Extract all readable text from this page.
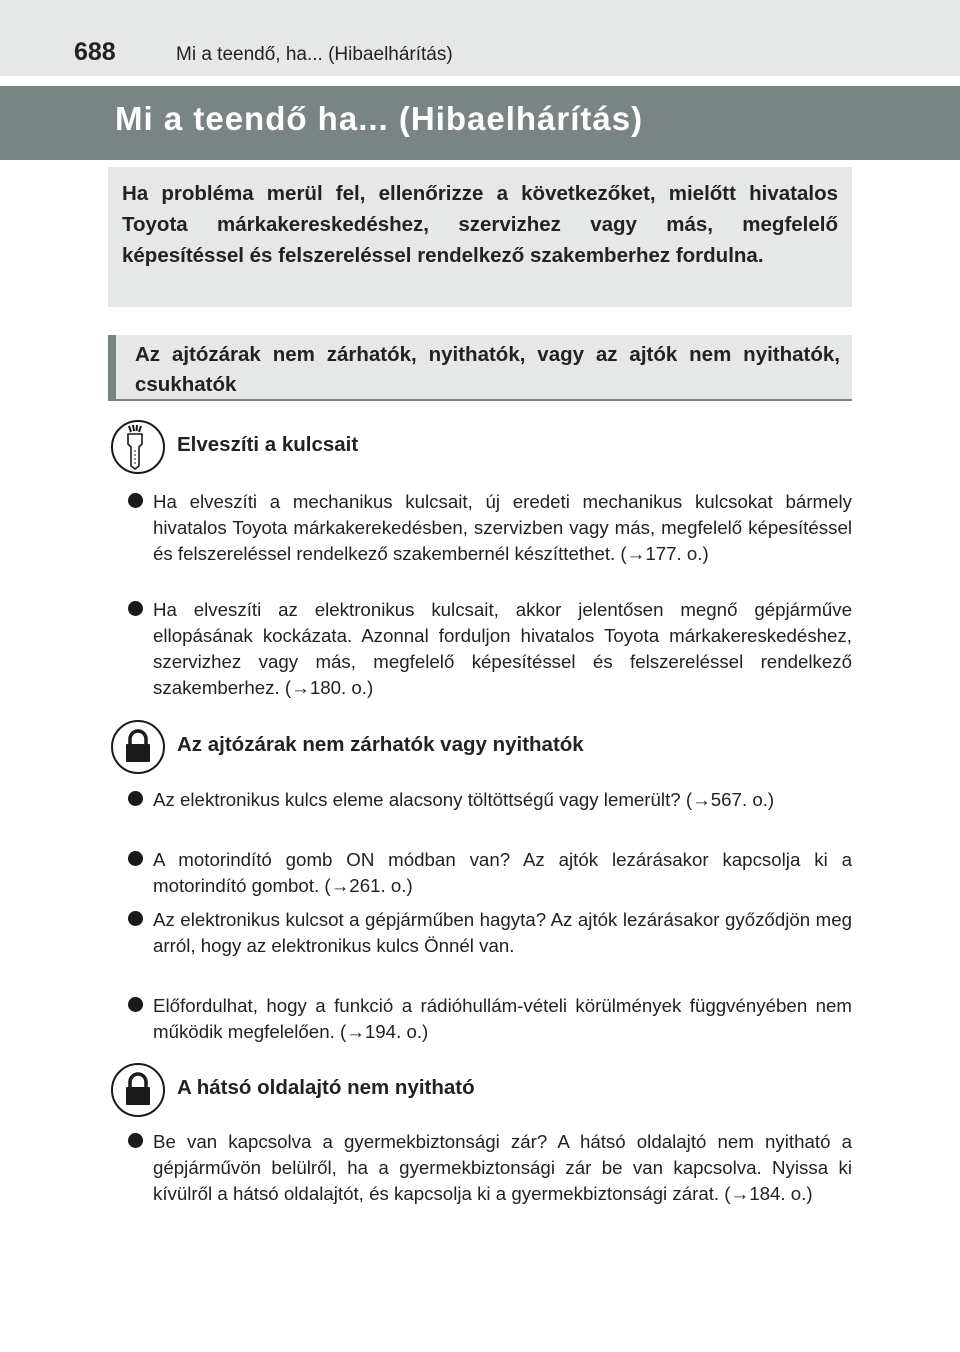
688	Mi a teendő, ha... (Hibaelhárítás)
Mi a teendő ha... (Hibaelhárítás)

Ha probléma merül fel, ellenőrizze a következőket, mielőtt hivatalos Toyota márkakereskedéshez, szervizhez vagy más, megfelelő képesítéssel és felszereléssel rendelkező szakemberhez fordulna.

Az ajtózárak nem zárhatók, nyithatók, vagy az ajtók nem nyithatók, csukhatók

Elveszíti a kulcsait
Ha elveszíti a mechanikus kulcsait, új eredeti mechanikus kulcsokat bármely hivatalos Toyota márkakerekedésben, szervizben vagy más, megfelelő képesítéssel és felszereléssel rendelkező szakembernél készíttethet. (→177. o.)
Ha elveszíti az elektronikus kulcsait, akkor jelentősen megnő gépjárműve ellopásának kockázata. Azonnal forduljon hivatalos Toyota márkakereskedéshez, szervizhez vagy más, megfelelő képesítéssel és felszereléssel rendelkező szakemberhez. (→180. o.)
Az ajtózárak nem zárhatók vagy nyithatók
Az elektronikus kulcs eleme alacsony töltöttségű vagy lemerült? (→567. o.)
A motorindító gomb ON módban van? Az ajtók lezárásakor kapcsolja ki a motorindító gombot. (→261. o.)
Az elektronikus kulcsot a gépjárműben hagyta? Az ajtók lezárásakor győződjön meg arról, hogy az elektronikus kulcs Önnél van.
Előfordulhat, hogy a funkció a rádióhullám-vételi körülmények függvényében nem működik megfelelően. (→194. o.)
A hátsó oldalajtó nem nyitható
Be van kapcsolva a gyermekbiztonsági zár? A hátsó oldalajtó nem nyitható a gépjárművön belülről, ha a gyermekbiztonsági zár be van kapcsolva. Nyissa ki kívülről a hátsó oldalajtót, és kapcsolja ki a gyermekbiztonsági zárat. (→184. o.)
